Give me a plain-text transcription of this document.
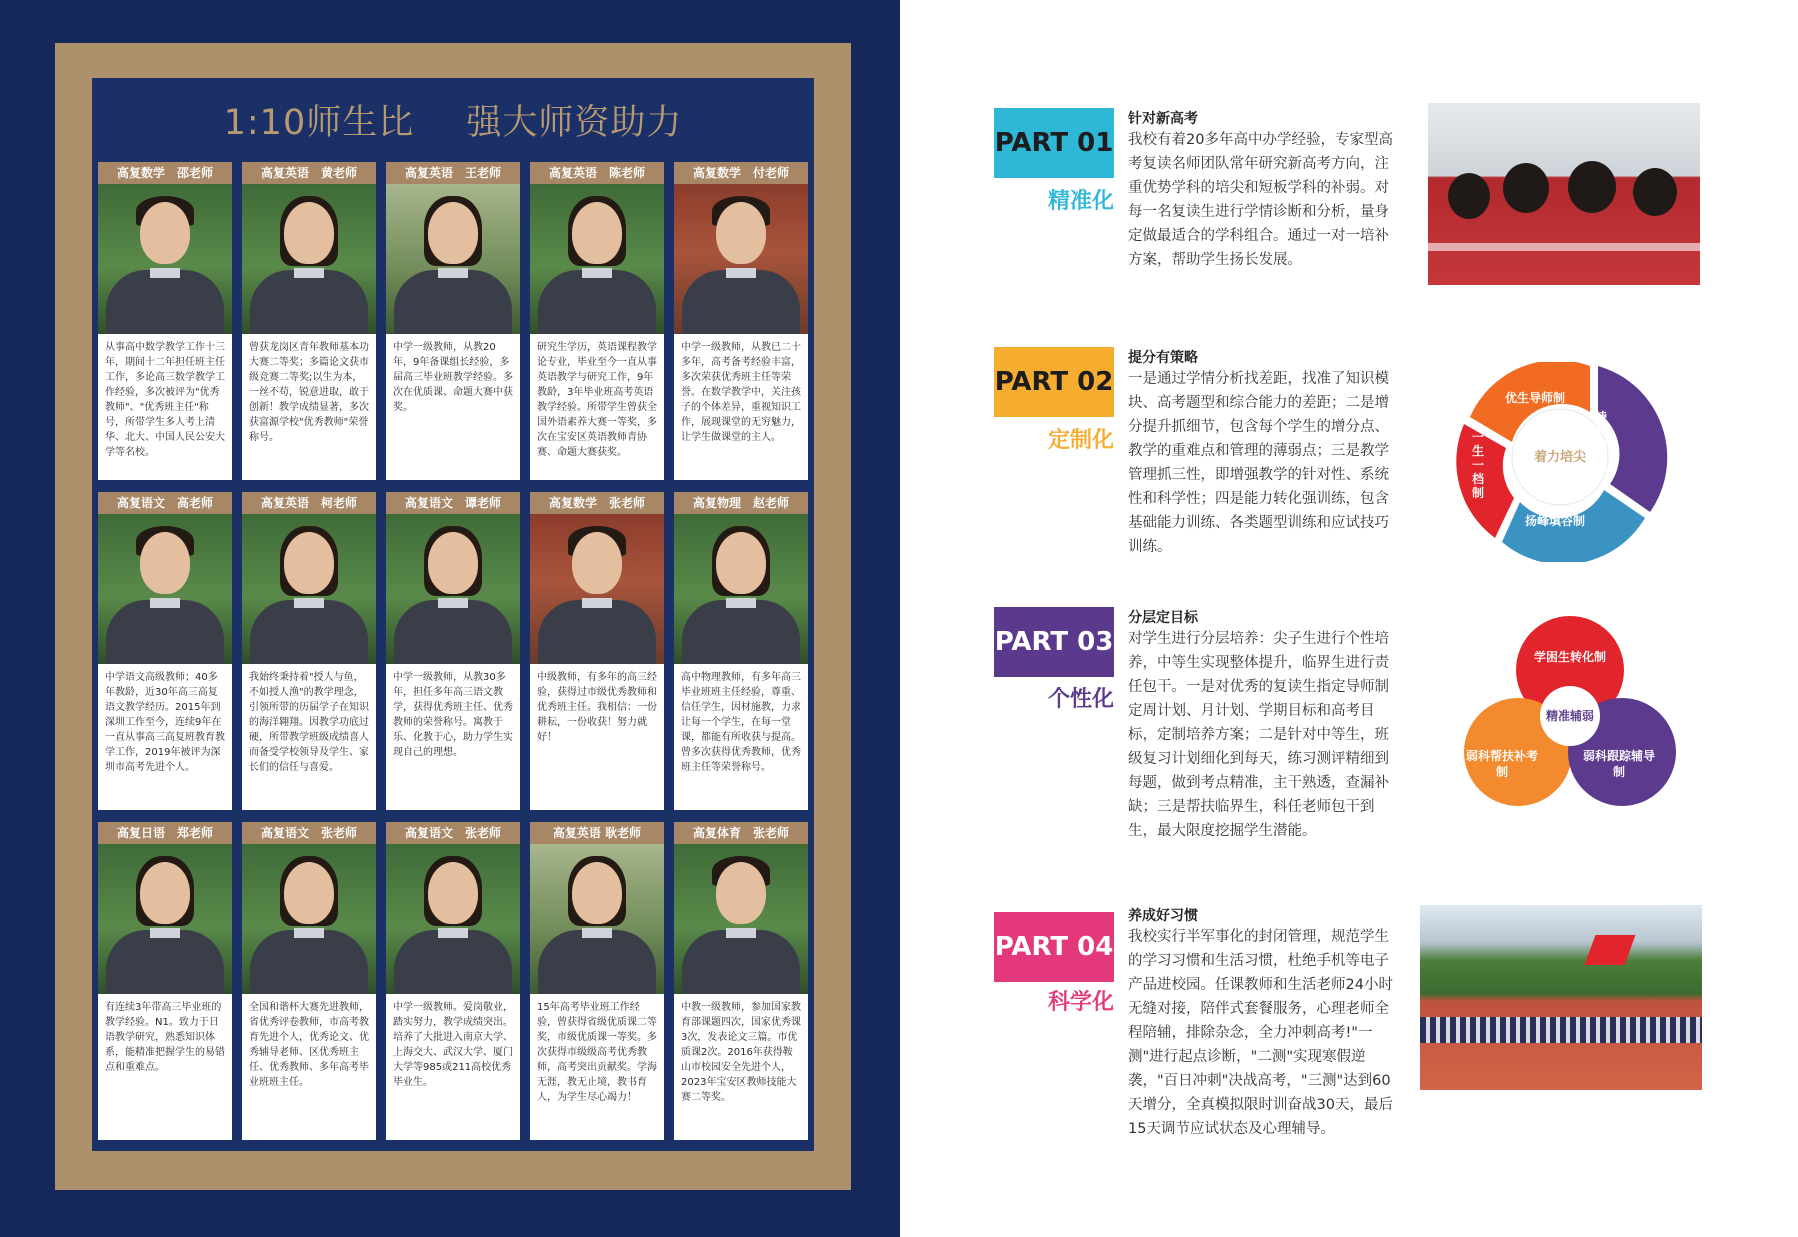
1:10师生比 强大师资助力
高复数学　邵老师
从事高中数学教学工作十三年，期间十二年担任班主任工作，多论高三数学教学工作经验，多次被评为"优秀教师"、"优秀班主任"称号，所带学生多人考上清华、北大、中国人民公安大学等名校。
高复英语　黄老师
曾获龙岗区青年教师基本功大赛二等奖；多篇论文获市级竞赛二等奖;以生为本，一丝不苟，锐意进取，敢于创新！教学成绩显著，多次获富源学校"优秀教师"荣誉称号。
高复英语　王老师
中学一级教师，从教20年，9年备课组长经验，多届高三毕业班教学经验。多次在优质课、命题大赛中获奖。
高复英语　陈老师
研究生学历，英语课程教学论专业，毕业至今一直从事英语教学与研究工作，9年教龄，3年毕业班高考英语教学经验。所带学生曾获全国外语素养大赛一等奖，多次在宝安区英语教师青协赛、命题大赛获奖。
高复数学　付老师
中学一级教师，从教已二十多年，高考备考经验丰富，多次荣获优秀班主任等荣誉。在数学教学中，关注孩子的个体差异，重视知识工作，展现课堂的无穷魅力，让学生做课堂的主人。
高复语文　高老师
中学语文高级教师；40多年教龄，近30年高三高复语文教学经历。2015年到深圳工作至今，连续9年在一直从事高三高复班教育教学工作，2019年被评为深圳市高考先进个人。
高复英语　柯老师
我始终秉持着"授人与鱼，不如授人渔"的教学理念，引领所带的历届学子在知识的海洋翱翔。因教学功底过硬，所带教学班级成绩喜人而备受学校领导及学生、家长们的信任与喜爱。
高复语文　谭老师
中学一级教师，从教30多年，担任多年高三语文教学，获得优秀班主任、优秀教师的荣誉称号。寓教于乐、化教于心，助力学生实现自己的理想。
高复数学　张老师
中级教师，有多年的高三经验，获得过市级优秀教师和优秀班主任。我相信：一份耕耘，一份收获！努力就好！
高复物理　赵老师
高中物理教师，有多年高三毕业班班主任经验，尊重、信任学生，因材施教，力求让每一个学生，在每一堂课，都能有所收获与提高。曾多次获得优秀教师，优秀班主任等荣誉称号。
高复日语　郑老师
有连续3年带高三毕业班的教学经验。N1。致力于日语教学研究，熟悉知识体系，能精准把握学生的易错点和重难点。
高复语文　张老师
全国和谐杯大赛先进教师，省优秀评卷教师，市高考教育先进个人，优秀论文、优秀辅导老师、区优秀班主任、优秀教师、多年高考毕业班班主任。
高复语文　张老师
中学一级教师。爱岗敬业，踏实努力，教学成绩突出。培养了大批进入南京大学、上海交大、武汉大学、厦门大学等985或211高校优秀毕业生。
高复英语 耿老师
15年高考毕业班工作经验，曾获得省级优质课二等奖，市级优质课一等奖。多次获得市级级高考优秀教师，高考突出贡献奖。学海无涯，教无止境，教书育人，为学生尽心竭力！
高复体育　张老师
中教一级教师，参加国家教育部课题四次，国家优秀课3次，发表论文三篇。市优质课2次。2016年获得鞍山市校园安全先进个人，2023年宝安区教师技能大赛二等奖。
PART 01
精准化
针对新高考
我校有着20多年高中办学经验，专家型高考复读名师团队常年研究新高考方向，注重优势学科的培尖和短板学科的补弱。对每一名复读生进行学情诊断和分析，量身定做最适合的学科组合。通过一对一培补方案，帮助学生扬长发展。
PART 02
定制化
提分有策略
一是通过学情分析找差距，找准了知识模块、高考题型和综合能力的差距；二是增分提升抓细节，包含每个学生的增分点、教学的重难点和管理的薄弱点；三是教学管理抓三性，即增强教学的针对性、系统性和科学性；四是能力转化强训练，包含基础能力训练、各类题型训练和应试技巧训练。
优生导师制
特长培养制
扬峰填谷制
一生一档制
着力培尖
PART 03
个性化
分层定目标
对学生进行分层培养：尖子生进行个性培养，中等生实现整体提升，临界生进行责任包干。一是对优秀的复读生指定导师制定周计划、月计划、学期目标和高考目标，定制培养方案；二是针对中等生，班级复习计划细化到每天，练习测评精细到每题，做到考点精准，主干熟透，查漏补缺；三是帮扶临界生，科任老师包干到生，最大限度挖掘学生潜能。
学困生转化制
弱科帮扶补考制
弱科跟踪辅导制
精准辅弱
PART 04
科学化
养成好习惯
我校实行半军事化的封闭管理，规范学生的学习习惯和生活习惯，杜绝手机等电子产品进校园。任课教师和生活老师24小时无缝对接，陪伴式套餐服务，心理老师全程陪辅，排除杂念，全力冲刺高考!"一测"进行起点诊断，"二测"实现寒假逆袭，"百日冲刺"决战高考，"三测"达到60天增分，全真模拟限时训奋战30天，最后15天调节应试状态及心理辅导。
